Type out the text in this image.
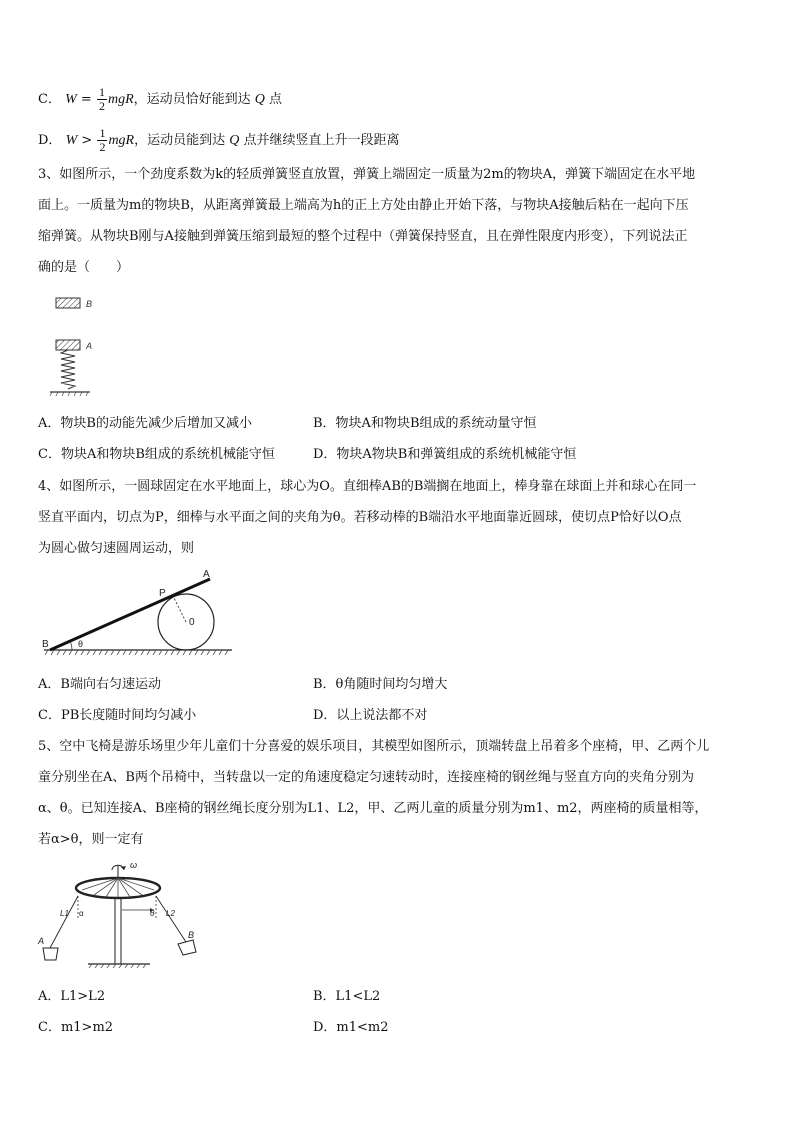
C． $W = \frac{1}{2}$ mgR，运动员恰好能到达 Q 点
D． $W > \frac{1}{2}$ mgR，运动员能到达 Q 点并继续竖直上升一段距离
3、如图所示，一个劲度系数为k的轻质弹簧竖直放置，弹簧上端固定一质量为2m的物块A，弹簧下端固定在水平地
面上。一质量为m的物块B，从距离弹簧最上端高为h的正上方处由静止开始下落，与物块A接触后粘在一起向下压
缩弹簧。从物块B刚与A接触到弹簧压缩到最短的整个过程中（弹簧保持竖直，且在弹性限度内形变），下列说法正
确的是（　　）
B
A
A．物块B的动能先减少后增加又减小	B．物块A和物块B组成的系统动量守恒
C．物块A和物块B组成的系统机械能守恒	D．物块A物块B和弹簧组成的系统机械能守恒
4、如图所示，一圆球固定在水平地面上，球心为O。直细棒AB的B端搁在地面上，棒身靠在球面上并和球心在同一
竖直平面内，切点为P，细棒与水平面之间的夹角为θ。若移动棒的B端沿水平地面靠近圆球，使切点P恰好以O点
为圆心做匀速圆周运动，则
θ
A
B
P
0
A．B端向右匀速运动	B．θ角随时间均匀增大
C．PB长度随时间均匀减小	D．以上说法都不对
5、空中飞椅是游乐场里少年儿童们十分喜爱的娱乐项目，其模型如图所示，顶端转盘上吊着多个座椅，甲、乙两个儿
童分别坐在A、B两个吊椅中，当转盘以一定的角速度稳定匀速转动时，连接座椅的钢丝绳与竖直方向的夹角分别为
α、θ。已知连接A、B座椅的钢丝绳长度分别为L1、L2，甲、乙两儿童的质量分别为m1、m2，两座椅的质量相等，
若α>θ，则一定有
ω
L1 α	θ L2
A
B
A．L1>L2	B．L1<L2
C．m1>m2	D．m1<m2
